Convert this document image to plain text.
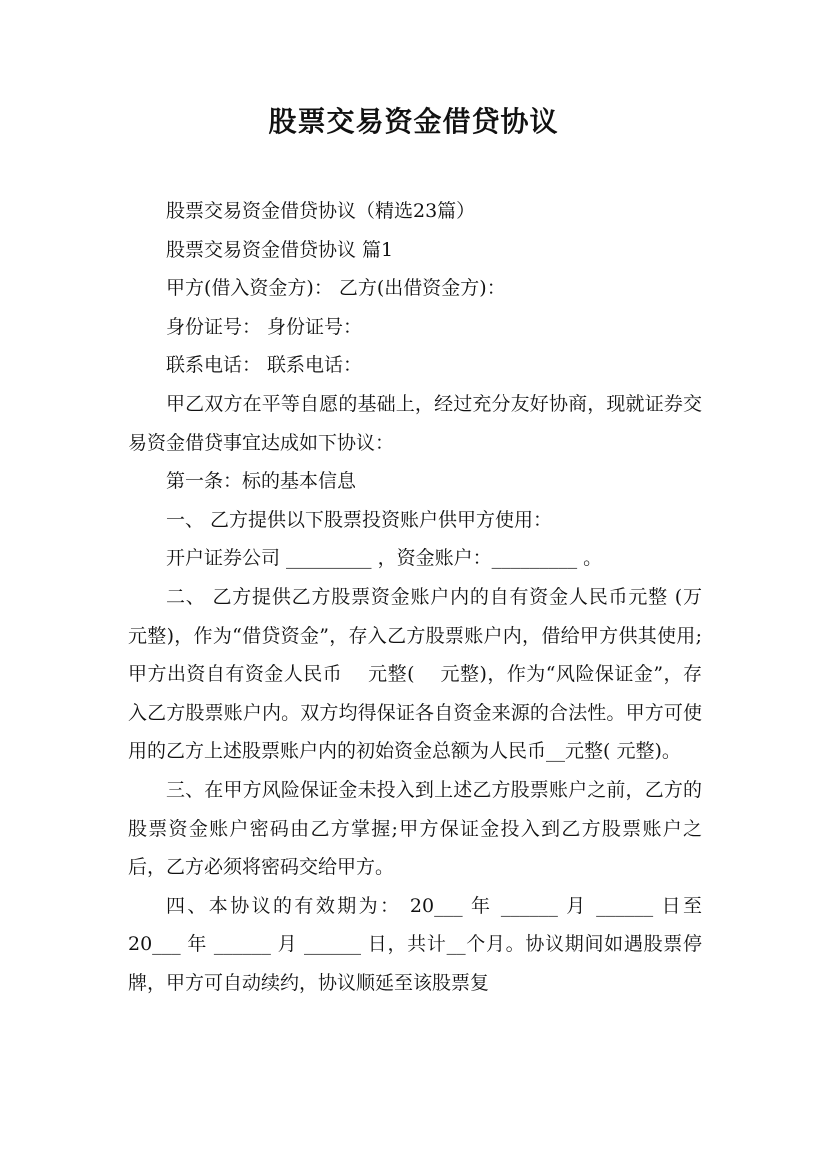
股票交易资金借贷协议

股票交易资金借贷协议（精选23篇）

股票交易资金借贷协议 篇1

甲方(借入资金方)： 乙方(出借资金方)：

身份证号： 身份证号：

联系电话： 联系电话：

甲乙双方在平等自愿的基础上，经过充分友好协商，现就证券交易资金借贷事宜达成如下协议：

第一条：标的基本信息

一、 乙方提供以下股票投资账户供甲方使用：

开户证券公司 _________ ，资金账户：_________ 。

二、 乙方提供乙方股票资金账户内的自有资金人民币元整 (万 元整)，作为“借贷资金”，存入乙方股票账户内，借给甲方供其使用;甲方出资自有资金人民币 　元整( 　元整)，作为“风险保证金”，存入乙方股票账户内。双方均得保证各自资金来源的合法性。甲方可使用的乙方上述股票账户内的初始资金总额为人民币__元整( 元整)。

三、在甲方风险保证金未投入到上述乙方股票账户之前，乙方的股票资金账户密码由乙方掌握;甲方保证金投入到乙方股票账户之后，乙方必须将密码交给甲方。

四、本协议的有效期为： 20___ 年 ______ 月 ______ 日至 20___ 年 ______ 月 ______ 日，共计__个月。协议期间如遇股票停牌，甲方可自动续约，协议顺延至该股票复
